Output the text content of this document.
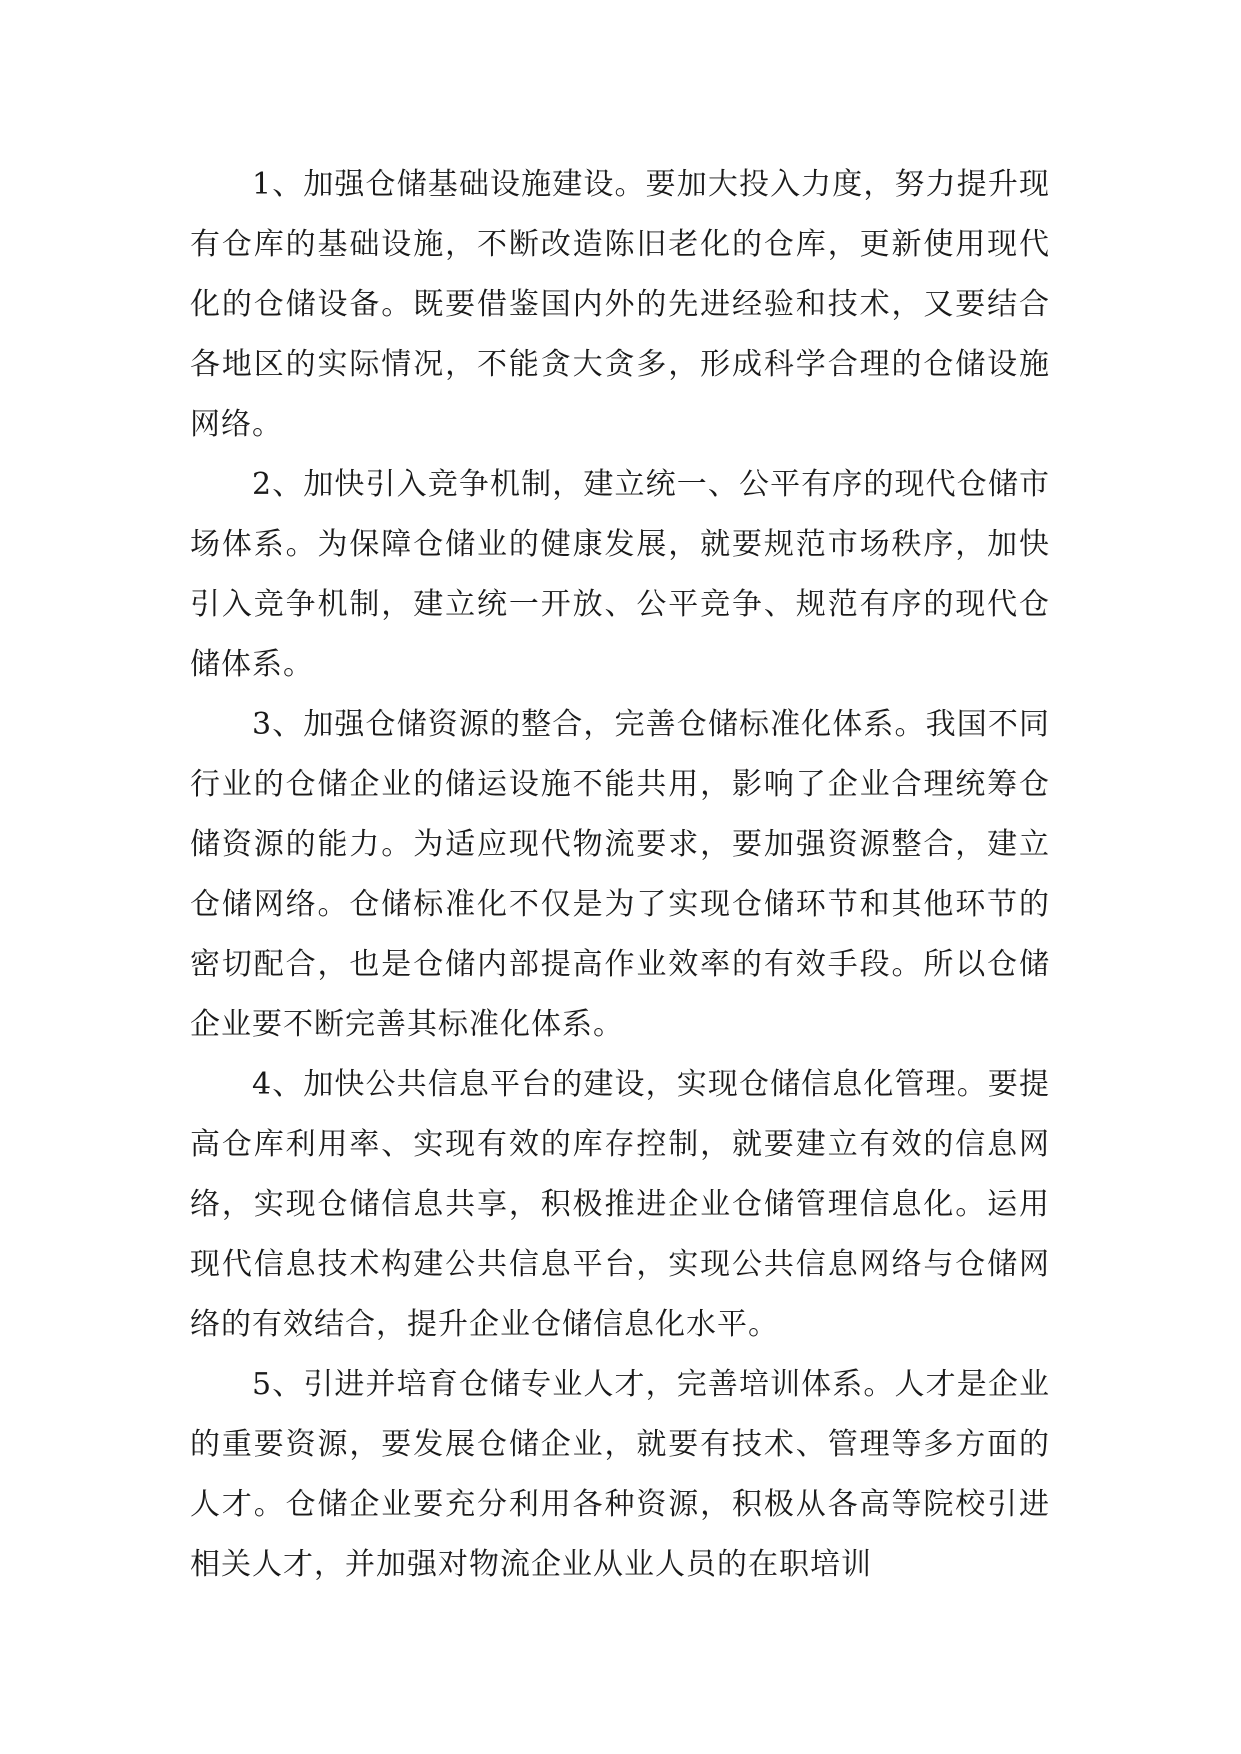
1、加强仓储基础设施建设。要加大投入力度，努力提升现有仓库的基础设施，不断改造陈旧老化的仓库，更新使用现代化的仓储设备。既要借鉴国内外的先进经验和技术，又要结合各地区的实际情况，不能贪大贪多，形成科学合理的仓储设施网络。

2、加快引入竞争机制，建立统一、公平有序的现代仓储市场体系。为保障仓储业的健康发展，就要规范市场秩序，加快引入竞争机制，建立统一开放、公平竞争、规范有序的现代仓储体系。

3、加强仓储资源的整合，完善仓储标准化体系。我国不同行业的仓储企业的储运设施不能共用，影响了企业合理统筹仓储资源的能力。为适应现代物流要求，要加强资源整合，建立仓储网络。仓储标准化不仅是为了实现仓储环节和其他环节的密切配合，也是仓储内部提高作业效率的有效手段。所以仓储企业要不断完善其标准化体系。

4、加快公共信息平台的建设，实现仓储信息化管理。要提高仓库利用率、实现有效的库存控制，就要建立有效的信息网络，实现仓储信息共享，积极推进企业仓储管理信息化。运用现代信息技术构建公共信息平台，实现公共信息网络与仓储网络的有效结合，提升企业仓储信息化水平。

5、引进并培育仓储专业人才，完善培训体系。人才是企业的重要资源，要发展仓储企业，就要有技术、管理等多方面的人才。仓储企业要充分利用各种资源，积极从各高等院校引进相关人才，并加强对物流企业从业人员的在职培训
